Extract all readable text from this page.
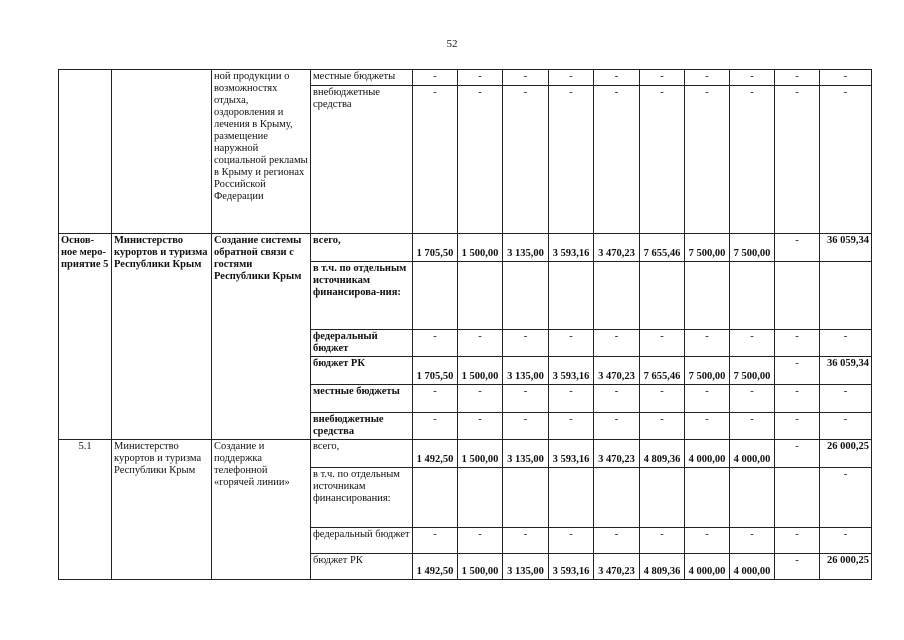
52
		ной продукции о возможностях отдыха, оздоровления и лечения в Крыму, размещение наружной социальной рекламы в Крыму и регионах Российской Федерации	местные бюджеты	-	-	-	-	-	-	-	-	-	-
			внебюджетные средства	-	-	-	-	-	-	-	-	-	-
Основ-ное меро-приятие 5	Министерство курортов и туризма Республики Крым	Создание системы обратной связи с гостями Республики Крым	всего,	1 705,50	1 500,00	3 135,00	3 593,16	3 470,23	7 655,46	7 500,00	7 500,00	-	36 059,34
			в т.ч. по отдельным источникам финансирова-ния:										
			федеральный бюджет	-	-	-	-	-	-	-	-	-	-
			бюджет РК	1 705,50	1 500,00	3 135,00	3 593,16	3 470,23	7 655,46	7 500,00	7 500,00	-	36 059,34
			местные бюджеты	-	-	-	-	-	-	-	-	-	-
			внебюджетные средства	-	-	-	-	-	-	-	-	-	-
5.1	Министерство курортов и туризма Республики Крым	Создание и поддержка телефонной «горячей линии»	всего,	1 492,50	1 500,00	3 135,00	3 593,16	3 470,23	4 809,36	4 000,00	4 000,00	-	26 000,25
			в т.ч. по отдельным источникам финансирования:										-
			федеральный бюджет	-	-	-	-	-	-	-	-	-	-
			бюджет РК	1 492,50	1 500,00	3 135,00	3 593,16	3 470,23	4 809,36	4 000,00	4 000,00	-	26 000,25
